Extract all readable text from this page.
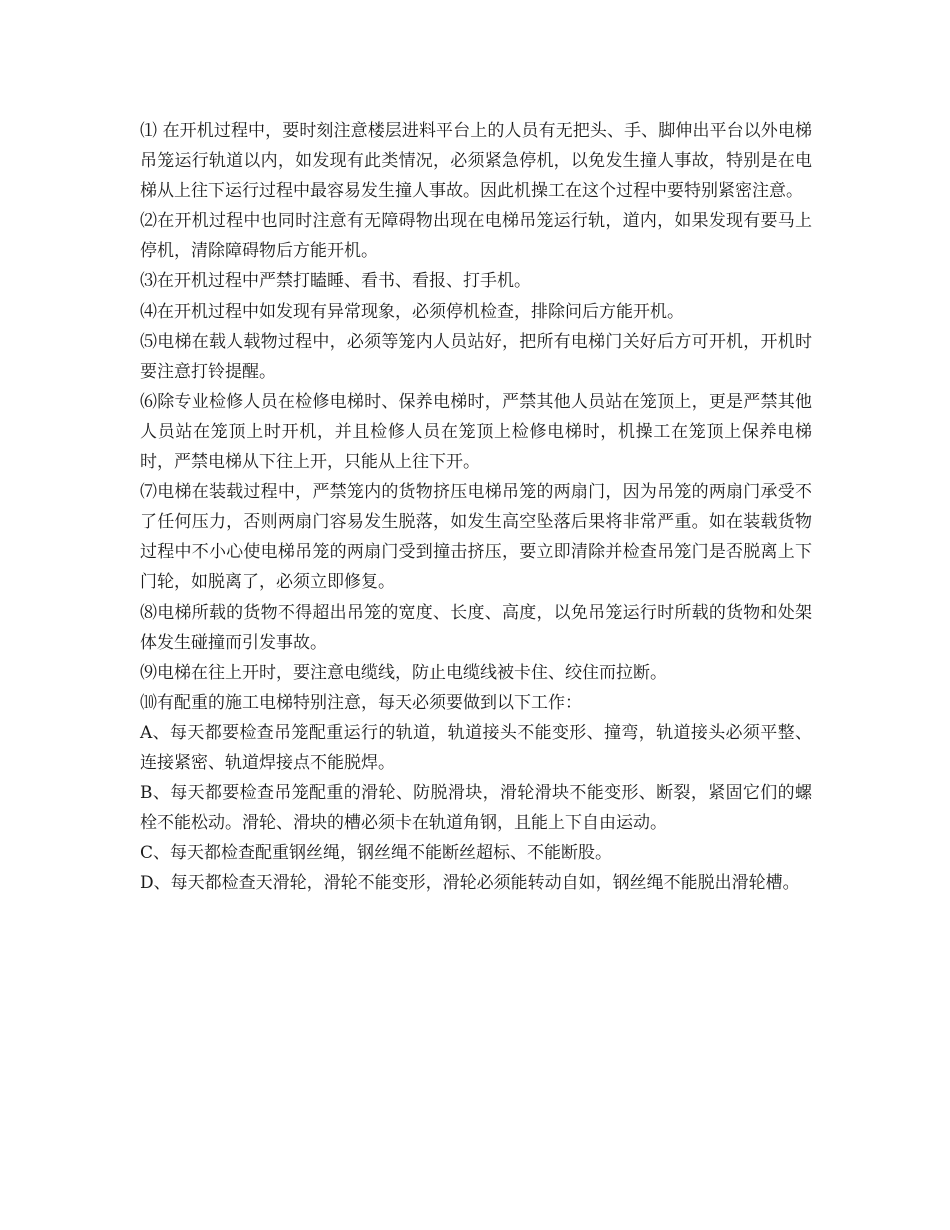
⑴ 在开机过程中，要时刻注意楼层进料平台上的人员有无把头、手、脚伸出平台以外电梯吊笼运行轨道以内，如发现有此类情况，必须紧急停机，以免发生撞人事故，特别是在电梯从上往下运行过程中最容易发生撞人事故。因此机操工在这个过程中要特别紧密注意。

⑵在开机过程中也同时注意有无障碍物出现在电梯吊笼运行轨，道内，如果发现有要马上停机，清除障碍物后方能开机。

⑶在开机过程中严禁打瞌睡、看书、看报、打手机。

⑷在开机过程中如发现有异常现象，必须停机检查，排除问后方能开机。

⑸电梯在载人载物过程中，必须等笼内人员站好，把所有电梯门关好后方可开机，开机时要注意打铃提醒。

⑹除专业检修人员在检修电梯时、保养电梯时，严禁其他人员站在笼顶上，更是严禁其他人员站在笼顶上时开机，并且检修人员在笼顶上检修电梯时，机操工在笼顶上保养电梯时，严禁电梯从下往上开，只能从上往下开。

⑺电梯在装载过程中，严禁笼内的货物挤压电梯吊笼的两扇门，因为吊笼的两扇门承受不了任何压力，否则两扇门容易发生脱落，如发生高空坠落后果将非常严重。如在装载货物过程中不小心使电梯吊笼的两扇门受到撞击挤压，要立即清除并检查吊笼门是否脱离上下门轮，如脱离了，必须立即修复。

⑻电梯所载的货物不得超出吊笼的宽度、长度、高度，以免吊笼运行时所载的货物和处架体发生碰撞而引发事故。

⑼电梯在往上开时，要注意电缆线，防止电缆线被卡住、绞住而拉断。

⑽有配重的施工电梯特别注意，每天必须要做到以下工作：

A、每天都要检查吊笼配重运行的轨道，轨道接头不能变形、撞弯，轨道接头必须平整、连接紧密、轨道焊接点不能脱焊。

B、每天都要检查吊笼配重的滑轮、防脱滑块，滑轮滑块不能变形、断裂，紧固它们的螺栓不能松动。滑轮、滑块的槽必须卡在轨道角钢，且能上下自由运动。

C、每天都检查配重钢丝绳，钢丝绳不能断丝超标、不能断股。

D、每天都检查天滑轮，滑轮不能变形，滑轮必须能转动自如，钢丝绳不能脱出滑轮槽。
